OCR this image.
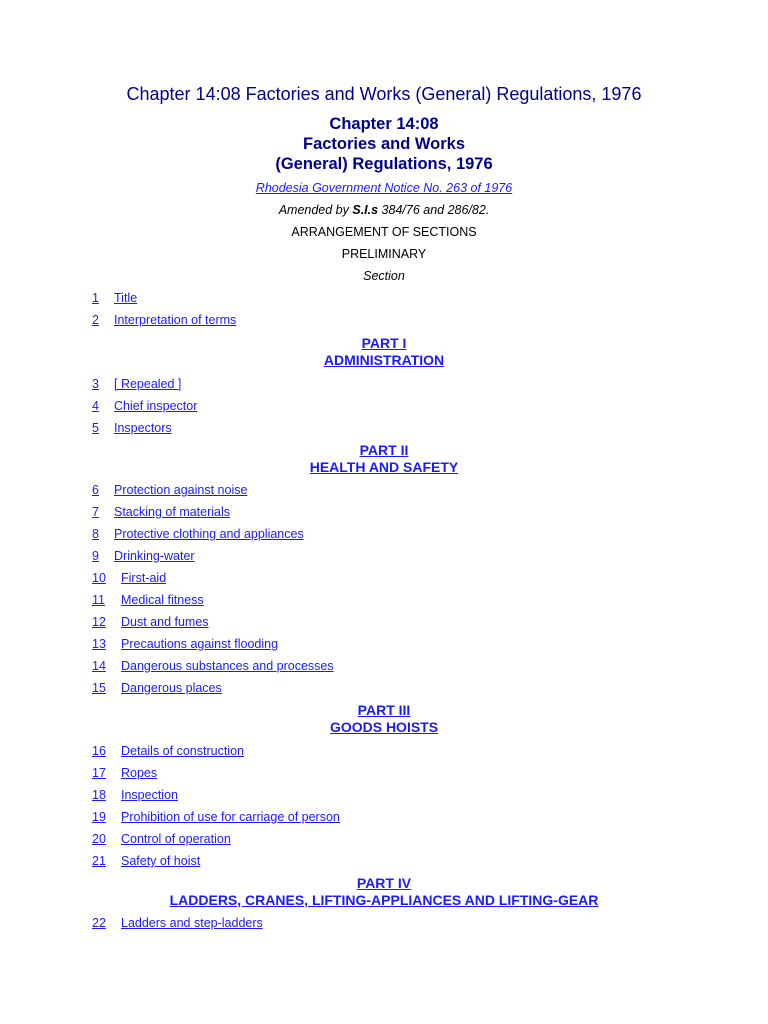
Chapter 14:08 Factories and Works (General) Regulations, 1976
Chapter 14:08
Factories and Works
(General) Regulations, 1976
Rhodesia Government Notice No. 263 of 1976
Amended by S.I.s 384/76 and 286/82.
ARRANGEMENT OF SECTIONS
PRELIMINARY
Section
1 Title
2 Interpretation of terms
PART I
ADMINISTRATION
3 [ Repealed ]
4 Chief inspector
5 Inspectors
PART II
HEALTH AND SAFETY
6 Protection against noise
7 Stacking of materials
8 Protective clothing and appliances
9 Drinking-water
10 First-aid
11 Medical fitness
12 Dust and fumes
13 Precautions against flooding
14 Dangerous substances and processes
15 Dangerous places
PART III
GOODS HOISTS
16 Details of construction
17 Ropes
18 Inspection
19 Prohibition of use for carriage of person
20 Control of operation
21 Safety of hoist
PART IV
LADDERS, CRANES, LIFTING-APPLIANCES AND LIFTING-GEAR
22 Ladders and step-ladders
